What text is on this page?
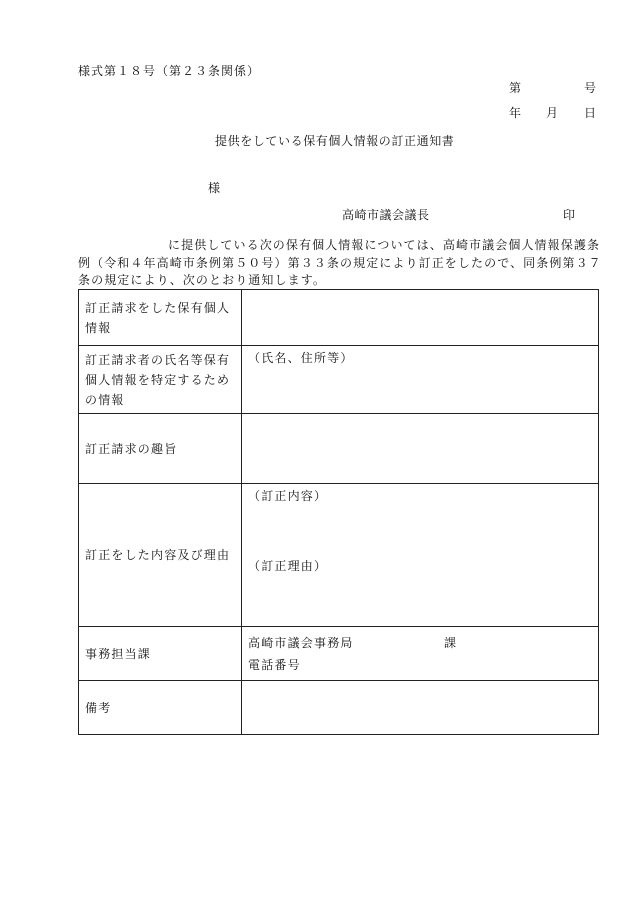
様式第１８号（第２３条関係）
第	号
年 月 日
提供をしている保有個人情報の訂正通知書
様
高崎市議会議長	印
に提供している次の保有個人情報については、高崎市議会個人情報保護条
例（令和４年高崎市条例第５０号）第３３条の規定により訂正をしたので、同条例第３７
条の規定により、次のとおり通知します。
訂正請求をした保有個人
情報	

訂正請求者の氏名等保有
個人情報を特定するため
の情報	（氏名、住所等）

訂正請求の趣旨	

訂正をした内容及び理由	（訂正内容）
（訂正理由）

事務担当課	高崎市議会事務局 課
電話番号

備考	
